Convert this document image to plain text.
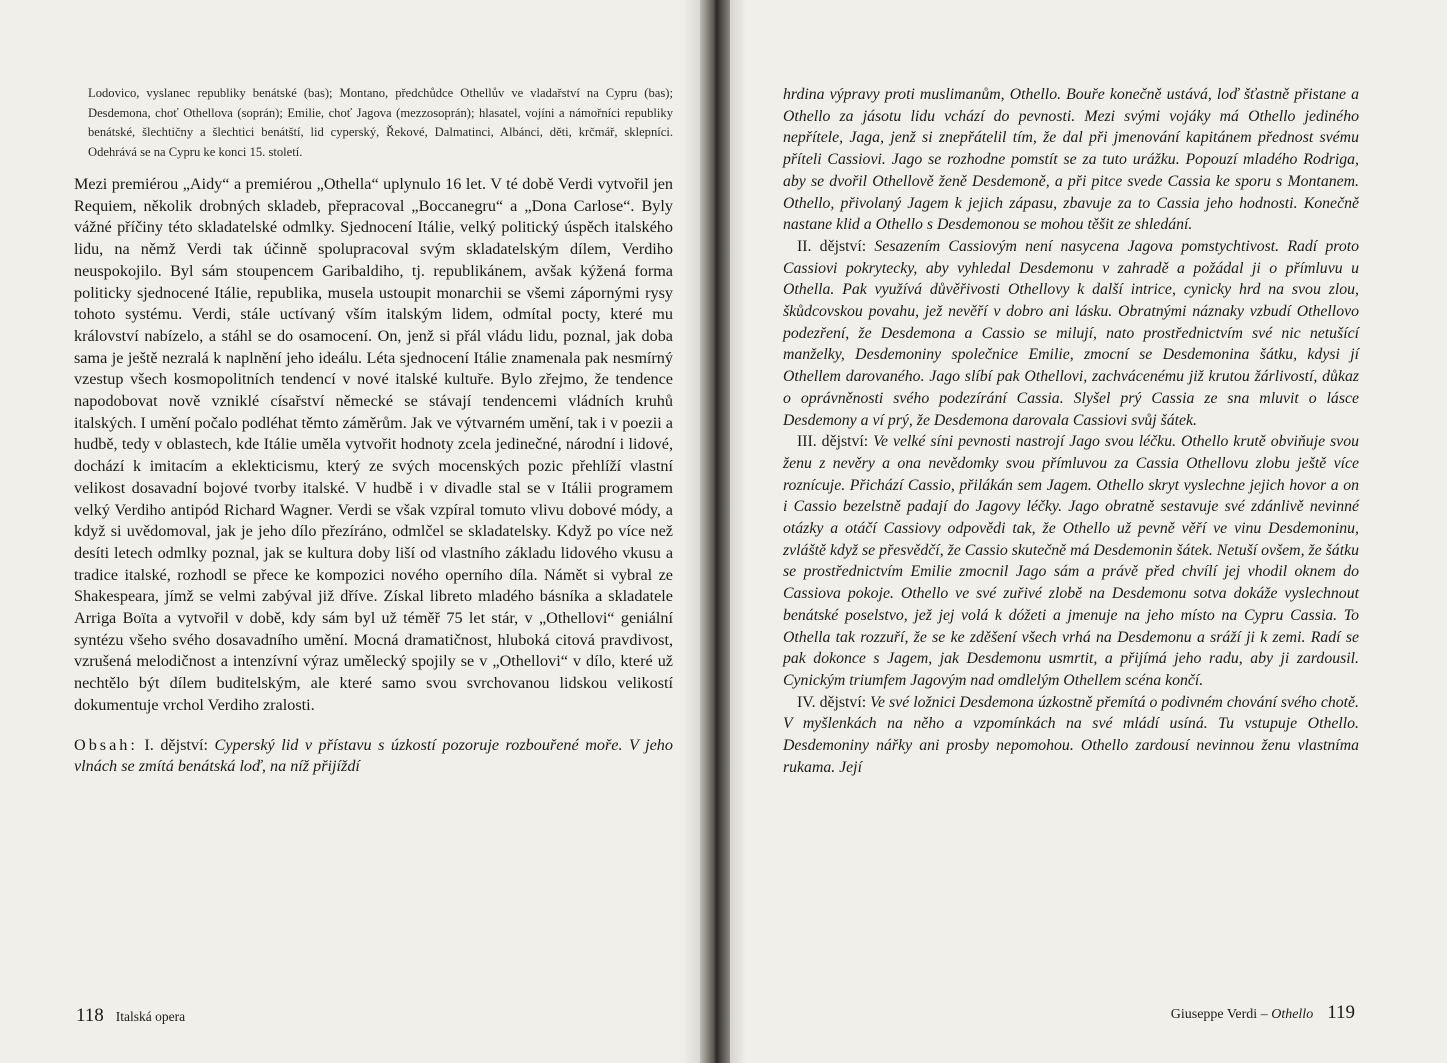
Lodovico, vyslanec republiky benátské (bas); Montano, předchůdce Othellův ve vladařství na Cypru (bas); Desdemona, choť Othellova (soprán); Emilie, choť Jagova (mezzosoprán); hlasatel, vojíni a námořníci republiky benátské, šlechtičny a šlechtici benátští, lid cyperský, Řekové, Dalmatinci, Albánci, děti, krčmář, sklepníci. Odehrává se na Cypru ke konci 15. století.

Mezi premiérou „Aidy“ a premiérou „Othella“ uplynulo 16 let. V té době Verdi vytvořil jen Requiem, několik drobných skladeb, přepracoval „Boccanegru“ a „Dona Carlose“. Byly vážné příčiny této skladatelské odmlky. Sjednocení Itálie, velký politický úspěch italského lidu, na němž Verdi tak účinně spolupracoval svým skladatelským dílem, Verdiho neuspokojilo. Byl sám stoupencem Garibaldiho, tj. republikánem, avšak kýžená forma politicky sjednocené Itálie, republika, musela ustoupit monarchii se všemi zápornými rysy tohoto systému. Verdi, stále uctívaný vším italským lidem, odmítal pocty, které mu království nabízelo, a stáhl se do osamocení. On, jenž si přál vládu lidu, poznal, jak doba sama je ještě nezralá k naplnění jeho ideálu. Léta sjednocení Itálie znamenala pak nesmírný vzestup všech kosmopolitních tendencí v nové italské kultuře. Bylo zřejmo, že tendence napodobovat nově vzniklé císařství německé se stávají tendencemi vládních kruhů italských. I umění počalo podléhat těmto záměrům. Jak ve výtvarném umění, tak i v poezii a hudbě, tedy v oblastech, kde Itálie uměla vytvořit hodnoty zcela jedinečné, národní i lidové, dochází k imitacím a eklekticismu, který ze svých mocenských pozic přehlíží vlastní velikost dosavadní bojové tvorby italské. V hudbě i v divadle stal se v Itálii programem velký Verdiho antipód Richard Wagner. Verdi se však vzpíral tomuto vlivu dobové módy, a když si uvědomoval, jak je jeho dílo přezíráno, odmlčel se skladatelsky. Když po více než desíti letech odmlky poznal, jak se kultura doby liší od vlastního základu lidového vkusu a tradice italské, rozhodl se přece ke kompozici nového operního díla. Námět si vybral ze Shakespeara, jímž se velmi zabýval již dříve. Získal libreto mladého básníka a skladatele Arriga Boïta a vytvořil v době, kdy sám byl už téměř 75 let stár, v „Othellovi“ geniální syntézu všeho svého dosavadního umění. Mocná dramatičnost, hluboká citová pravdivost, vzrušená melodičnost a intenzívní výraz umělecký spojily se v „Othellovi“ v dílo, které už nechtělo být dílem buditelským, ale které samo svou svrchovanou lidskou velikostí dokumentuje vrchol Verdiho zralosti.

Obsah: I. dějství: Cyperský lid v přístavu s úzkostí pozoruje rozbouřené moře. V jeho vlnách se zmítá benátská loď, na níž přijíždí

118 Italská opera

hrdina výpravy proti muslimanům, Othello. Bouře konečně ustává, loď šťastně přistane a Othello za jásotu lidu vchází do pevnosti. Mezi svými vojáky má Othello jediného nepřítele, Jaga, jenž si znepřátelil tím, že dal při jmenování kapitánem přednost svému příteli Cassiovi. Jago se rozhodne pomstít se za tuto urážku. Popouzí mladého Rodriga, aby se dvořil Othellově ženě Desdemoně, a při pitce svede Cassia ke sporu s Montanem. Othello, přivolaný Jagem k jejich zápasu, zbavuje za to Cassia jeho hodnosti. Konečně nastane klid a Othello s Desdemonou se mohou těšit ze shledání.

II. dějství: Sesazením Cassiovým není nasycena Jagova pomstychtivost. Radí proto Cassiovi pokrytecky, aby vyhledal Desdemonu v zahradě a požádal ji o přímluvu u Othella. Pak využívá důvěřivosti Othellovy k další intrice, cynicky hrd na svou zlou, škůdcovskou povahu, jež nevěří v dobro ani lásku. Obratnými náznaky vzbudí Othellovo podezření, že Desdemona a Cassio se milují, nato prostřednictvím své nic netušící manželky, Desdemoniny společnice Emilie, zmocní se Desdemonina šátku, kdysi jí Othellem darovaného. Jago slíbí pak Othellovi, zachvácenému již krutou žárlivostí, důkaz o oprávněnosti svého podezírání Cassia. Slyšel prý Cassia ze sna mluvit o lásce Desdemony a ví prý, že Desdemona darovala Cassiovi svůj šátek.

III. dějství: Ve velké síni pevnosti nastrojí Jago svou léčku. Othello krutě obviňuje svou ženu z nevěry a ona nevědomky svou přímluvou za Cassia Othellovu zlobu ještě více roznícuje. Přichází Cassio, přilákán sem Jagem. Othello skryt vyslechne jejich hovor a on i Cassio bezelstně padají do Jagovy léčky. Jago obratně sestavuje své zdánlivě nevinné otázky a otáčí Cassiovy odpovědi tak, že Othello už pevně věří ve vinu Desdemoninu, zvláště když se přesvědčí, že Cassio skutečně má Desdemonin šátek. Netuší ovšem, že šátku se prostřednictvím Emilie zmocnil Jago sám a právě před chvílí jej vhodil oknem do Cassiova pokoje. Othello ve své zuřivé zlobě na Desdemonu sotva dokáže vyslechnout benátské poselstvo, jež jej volá k dóžeti a jmenuje na jeho místo na Cypru Cassia. To Othella tak rozzuří, že se ke zděšení všech vrhá na Desdemonu a sráží ji k zemi. Radí se pak dokonce s Jagem, jak Desdemonu usmrtit, a přijímá jeho radu, aby ji zardousil. Cynickým triumfem Jagovým nad omdlelým Othellem scéna končí.

IV. dějství: Ve své ložnici Desdemona úzkostně přemítá o podivném chování svého chotě. V myšlenkách na něho a vzpomínkách na své mládí usíná. Tu vstupuje Othello. Desdemoniny nářky ani prosby nepomohou. Othello zardousí nevinnou ženu vlastníma rukama. Její

Giuseppe Verdi – Othello 119
